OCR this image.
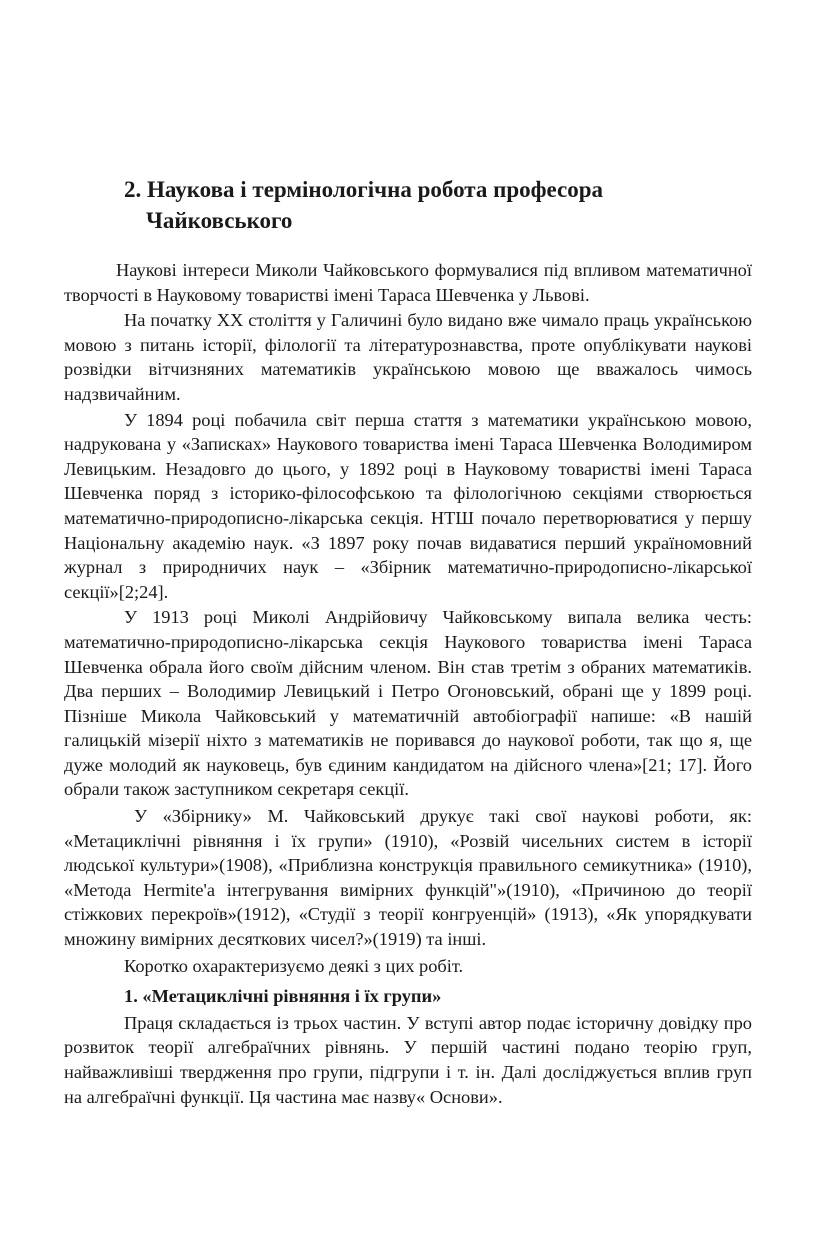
2. Наукова і термінологічна робота професора
Чайковського

Наукові інтереси Миколи Чайковського формувалися під впливом математичної творчості в Науковому товаристві імені Тараса Шевченка у Львові.

На початку ХХ століття у Галичині було видано вже чимало праць українською мовою з питань історії, філології та літературознавства, проте опублікувати наукові розвідки вітчизняних математиків українською мовою ще вважалось чимось надзвичайним.

У 1894 році побачила світ перша стаття з математики українською мовою, надрукована у «Записках» Наукового товариства імені Тараса Шевченка Володимиром Левицьким. Незадовго до цього, у 1892 році в Науковому товаристві імені Тараса Шевченка поряд з історико-філософською та філологічною секціями створюється математично-природописно-лікарська секція. НТШ почало перетворюватися у першу Національну академію наук. «З 1897 року почав видаватися перший україномовний журнал з природничих наук – «Збірник математично-природописно-лікарської секції»[2;24].

У 1913 році Миколі Андрійовичу Чайковському випала велика честь: математично-природописно-лікарська секція Наукового товариства імені Тараса Шевченка обрала його своїм дійсним членом. Він став третім з обраних математиків. Два перших – Володимир Левицький і Петро Огоновський, обрані ще у 1899 році. Пізніше Микола Чайковський у математичній автобіографії напише: «В нашій галицькій мізерії ніхто з математиків не поривався до наукової роботи, так що я, ще дуже молодий як науковець, був єдиним кандидатом на дійсного члена»[21; 17]. Його обрали також заступником секретаря секції.

У «Збірнику» М. Чайковський друкує такі свої наукові роботи, як: «Метациклічні рівняння і їх групи» (1910), «Розвій чисельних систем в історії людської культури»(1908), «Приблизна конструкція правильного семикутника» (1910), «Метода Hermite'а інтегрування вимірних функцій"»(1910), «Причиною до теорії стіжкових перекроїв»(1912), «Студії з теорії конгруенцій» (1913), «Як упорядкувати множину вимірних десяткових чисел?»(1919) та інші.

Коротко охарактеризуємо деякі з цих робіт.

1. «Метациклічні рівняння і їх групи»

Праця складається із трьох частин. У вступі автор подає історичну довідку про розвиток теорії алгебраїчних рівнянь. У першій частині подано теорію груп, найважливіші твердження про групи, підгрупи і т. ін. Далі досліджується вплив груп на алгебраїчні функції. Ця частина має назву« Основи».
